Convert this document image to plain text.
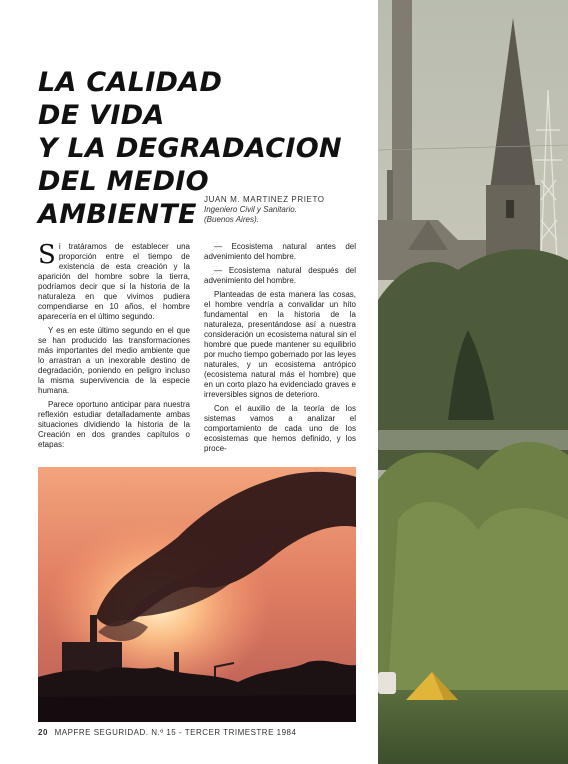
LA CALIDAD
DE VIDA
Y LA DEGRADACION
DEL MEDIO
AMBIENTE JUAN M. MARTINEZ PRIETO
Ingeniero Civil y Sanitario.
(Buenos Aires).

Si tratáramos de establecer una proporción entre el tiempo de existencia de esta creación y la aparición del hombre sobre la tierra, podríamos decir que si la historia de la naturaleza en que vivimos pudiera compendiarse en 10 años, el hombre aparecería en el último segundo.

Y es en este último segundo en el que se han producido las transformaciones más importantes del medio ambiente que lo arrastran a un inexorable destino de degradación, poniendo en peligro incluso la misma supervivencia de la especie humana.

Parece oportuno anticipar para nuestra reflexión estudiar detalladamente ambas situaciones dividiendo la historia de la Creación en dos grandes capítulos o etapas:

— Ecosistema natural antes del advenimiento del hombre.

— Ecosistema natural después del advenimiento del hombre.

Planteadas de esta manera las cosas, el hombre vendría a convalidar un hito fundamental en la historia de la naturaleza, presentándose así a nuestra consideración un ecosistema natural sin el hombre que puede mantener su equilibrio por mucho tiempo gobernado por las leyes naturales, y un ecosistema antrópico (ecosistema natural más el hombre) que en un corto plazo ha evidenciado graves e irreversibles signos de deterioro.

Con el auxilio de la teoría de los sistemas vamos a analizar el comportamiento de cada uno de los ecosistemas que hemos definido, y los proce-

20 MAPFRE SEGURIDAD. N.º 15 - TERCER TRIMESTRE 1984
